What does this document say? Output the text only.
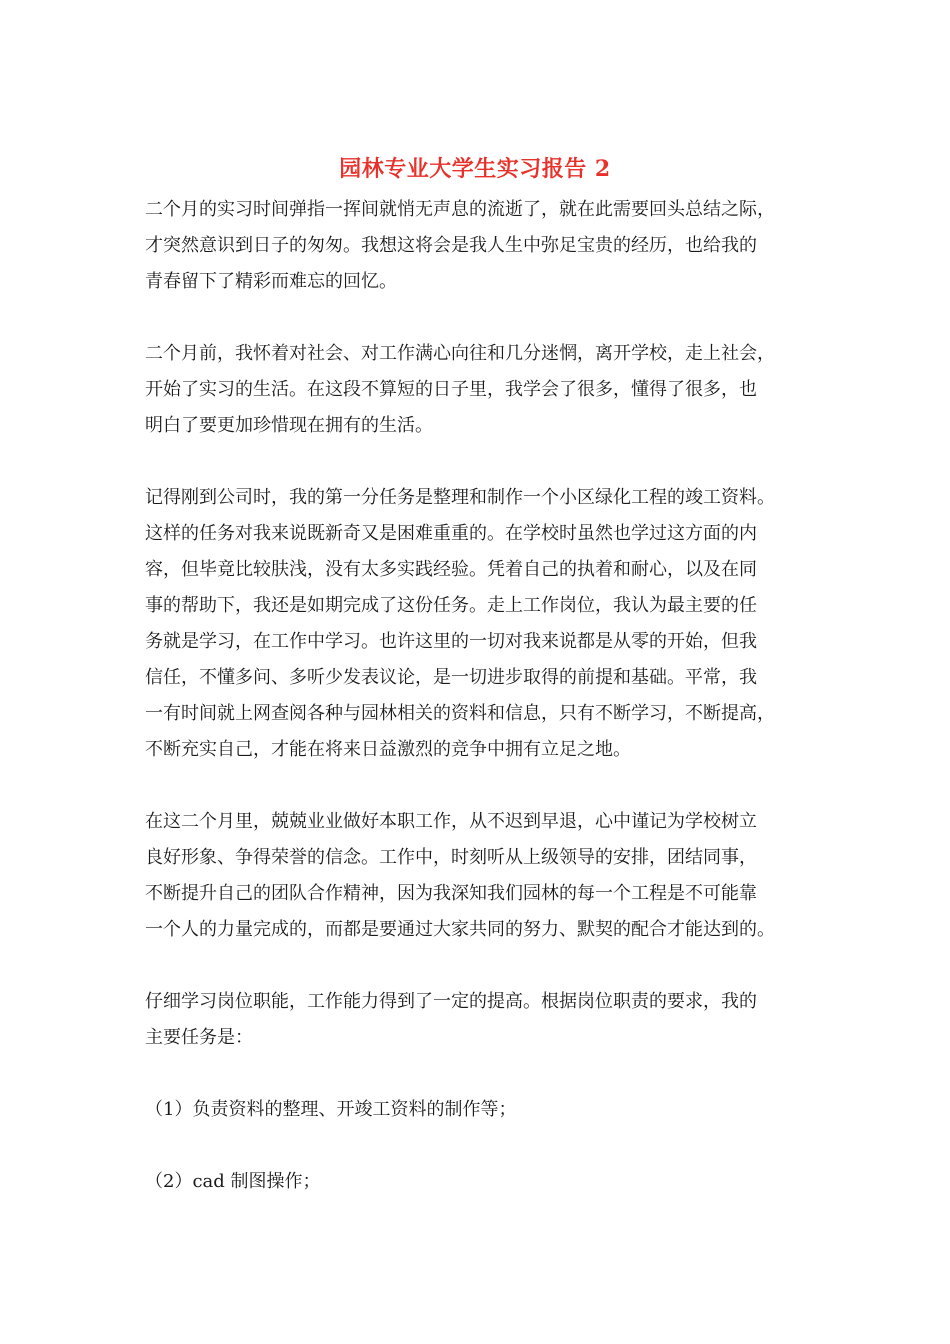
园林专业大学生实习报告 2

二个月的实习时间弹指一挥间就悄无声息的流逝了，就在此需要回头总结之际，
才突然意识到日子的匆匆。我想这将会是我人生中弥足宝贵的经历，也给我的
青春留下了精彩而难忘的回忆。

二个月前，我怀着对社会、对工作满心向往和几分迷惘，离开学校，走上社会，
开始了实习的生活。在这段不算短的日子里，我学会了很多，懂得了很多，也
明白了要更加珍惜现在拥有的生活。

记得刚到公司时，我的第一分任务是整理和制作一个小区绿化工程的竣工资料。
这样的任务对我来说既新奇又是困难重重的。在学校时虽然也学过这方面的内
容，但毕竟比较肤浅，没有太多实践经验。凭着自己的执着和耐心，以及在同
事的帮助下，我还是如期完成了这份任务。走上工作岗位，我认为最主要的任
务就是学习，在工作中学习。也许这里的一切对我来说都是从零的开始，但我
信任，不懂多问、多听少发表议论，是一切进步取得的前提和基础。平常，我
一有时间就上网查阅各种与园林相关的资料和信息，只有不断学习，不断提高，
不断充实自己，才能在将来日益激烈的竞争中拥有立足之地。

在这二个月里，兢兢业业做好本职工作，从不迟到早退，心中谨记为学校树立
良好形象、争得荣誉的信念。工作中，时刻听从上级领导的安排，团结同事，
不断提升自己的团队合作精神，因为我深知我们园林的每一个工程是不可能靠
一个人的力量完成的，而都是要通过大家共同的努力、默契的配合才能达到的。

仔细学习岗位职能，工作能力得到了一定的提高。根据岗位职责的要求，我的
主要任务是：

（1）负责资料的整理、开竣工资料的制作等；

（2）cad 制图操作；
